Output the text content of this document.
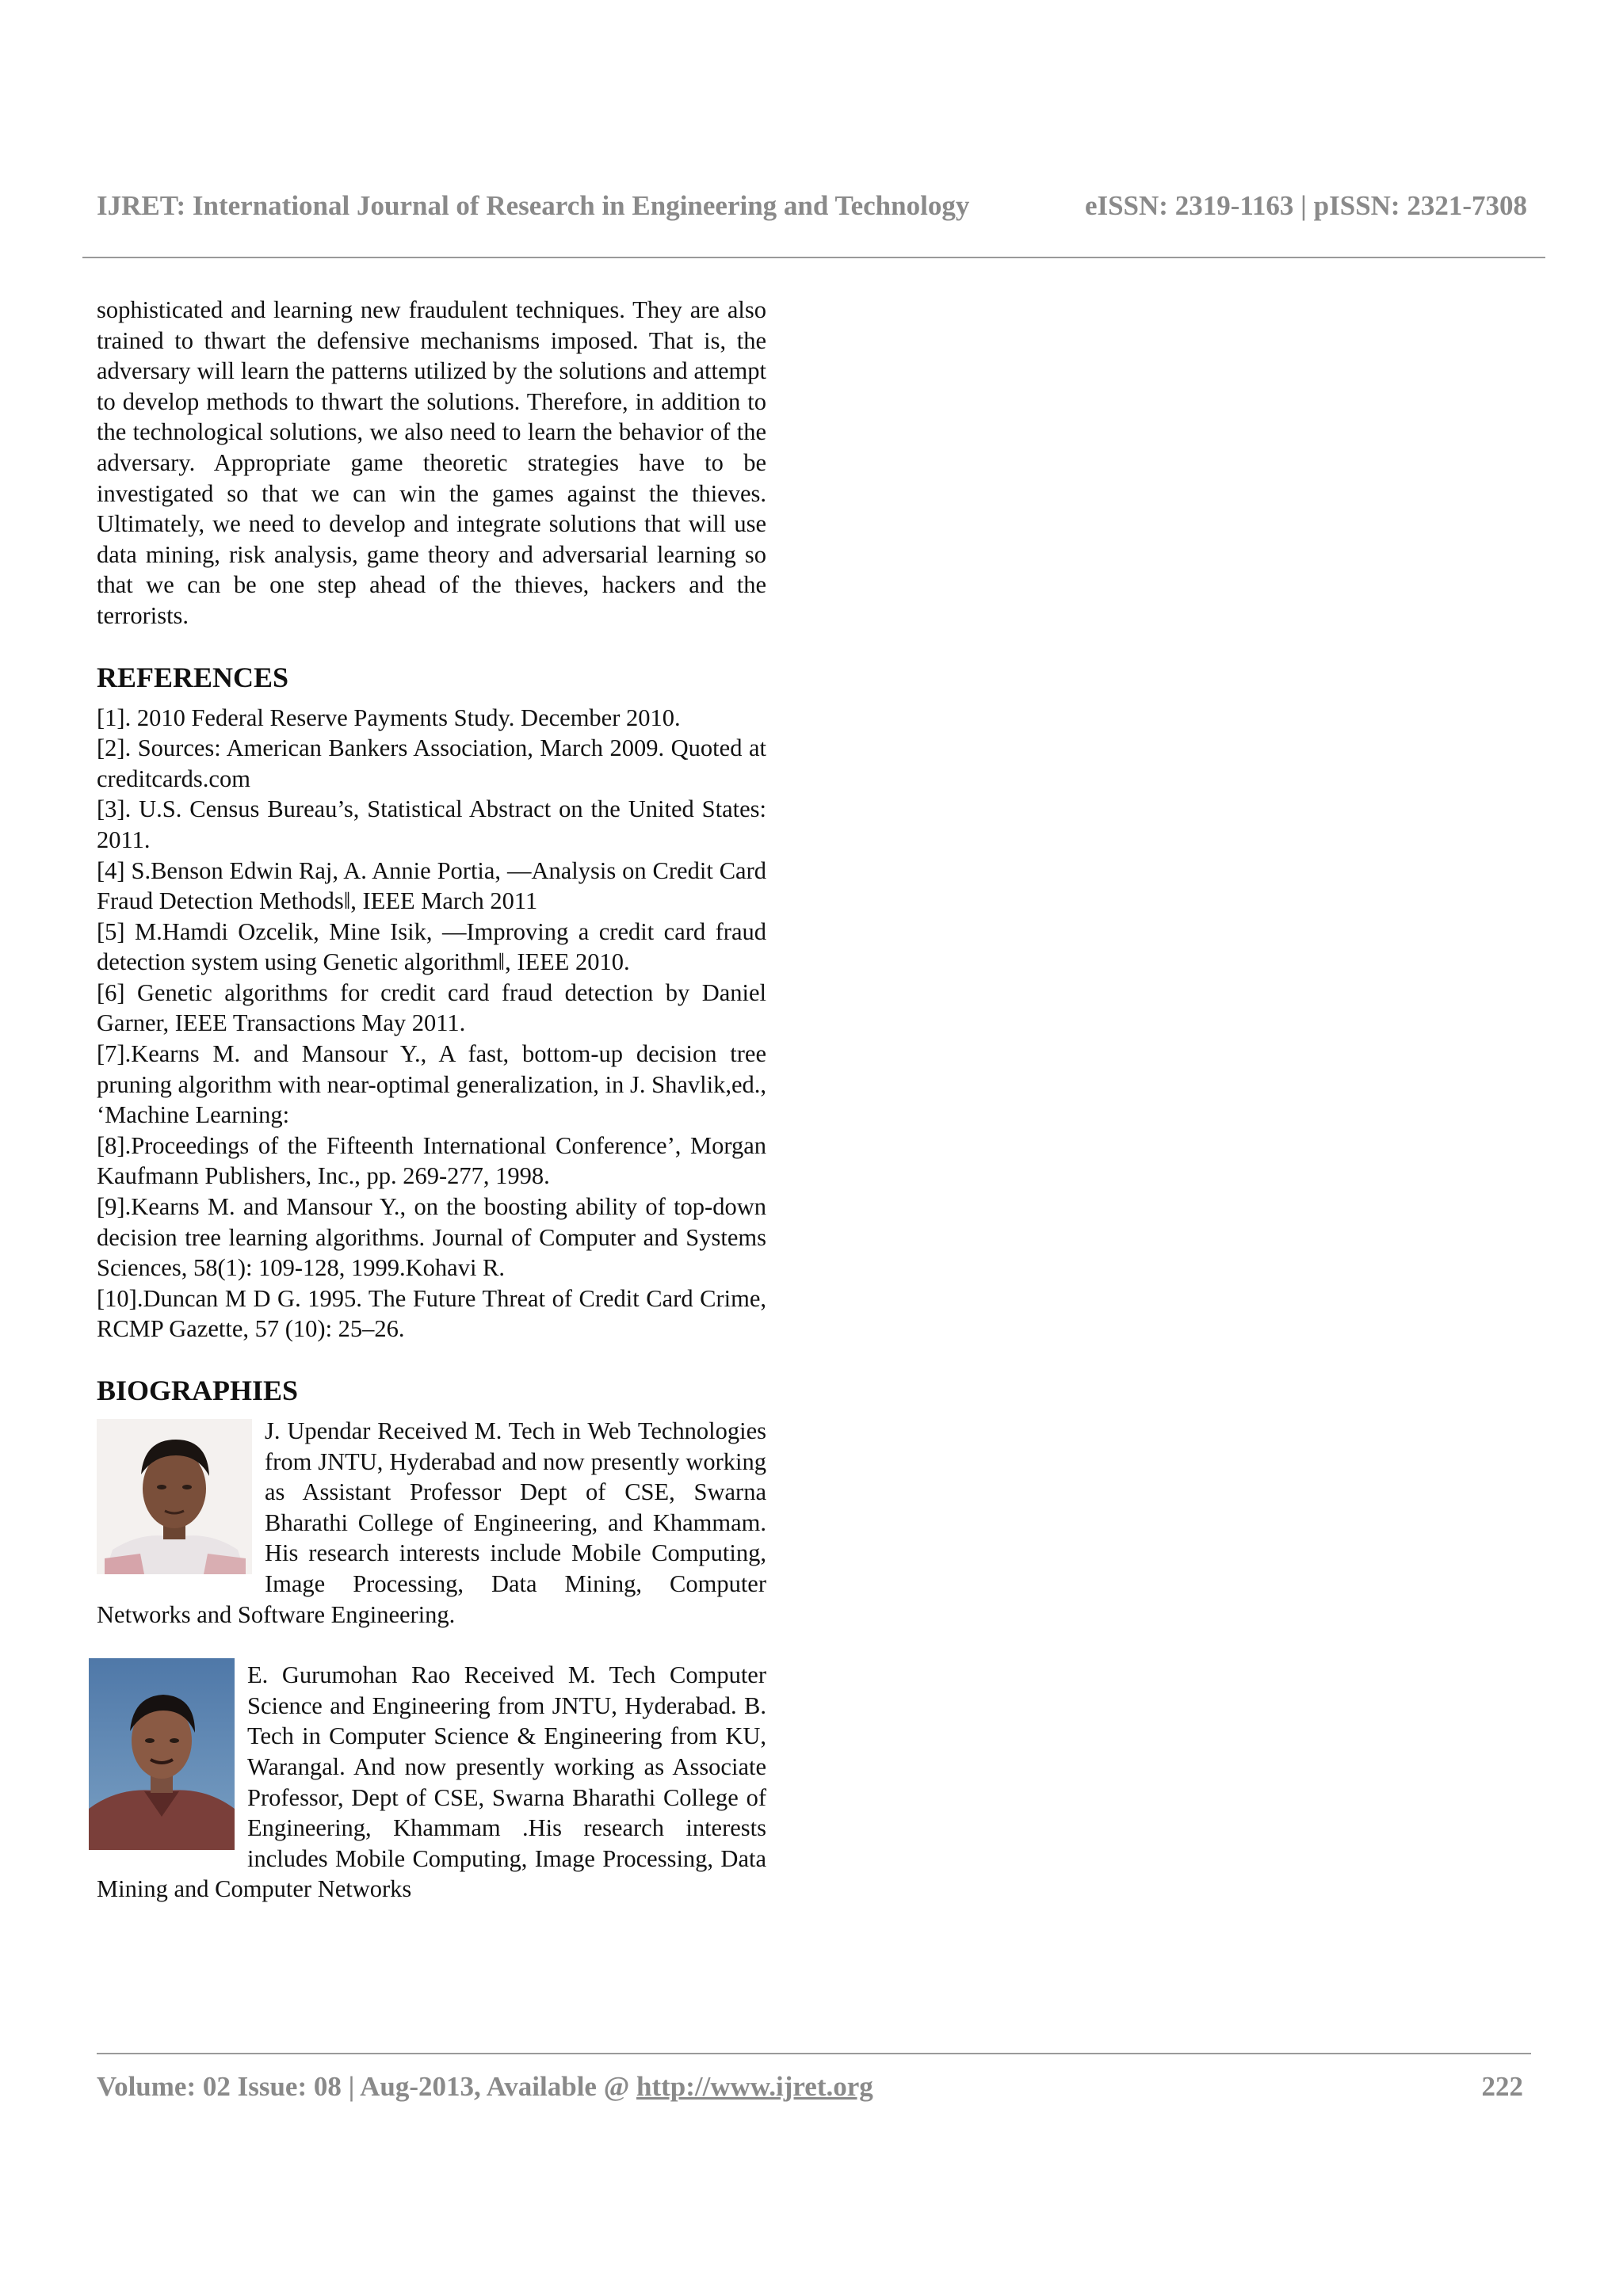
IJRET: International Journal of Research in Engineering and Technology	eISSN: 2319-1163 | pISSN: 2321-7308

sophisticated and learning new fraudulent techniques. They are also trained to thwart the defensive mechanisms imposed. That is, the adversary will learn the patterns utilized by the solutions and attempt to develop methods to thwart the solutions. Therefore, in addition to the technological solutions, we also need to learn the behavior of the adversary. Appropriate game theoretic strategies have to be investigated so that we can win the games against the thieves. Ultimately, we need to develop and integrate solutions that will use data mining, risk analysis, game theory and adversarial learning so that we can be one step ahead of the thieves, hackers and the terrorists.

REFERENCES

[1]. 2010 Federal Reserve Payments Study. December 2010.

[2]. Sources: American Bankers Association, March 2009. Quoted at creditcards.com

[3]. U.S. Census Bureau’s, Statistical Abstract on the United States: 2011.

[4] S.Benson Edwin Raj, A. Annie Portia, ―Analysis on Credit Card Fraud Detection Methods‖, IEEE March 2011

[5] M.Hamdi Ozcelik, Mine Isik, ―Improving a credit card fraud detection system using Genetic algorithm‖, IEEE 2010.

[6] Genetic algorithms for credit card fraud detection by Daniel Garner, IEEE Transactions May 2011.

[7].Kearns M. and Mansour Y., A fast, bottom-up decision tree pruning algorithm with near-optimal generalization, in J. Shavlik,ed., ‘Machine Learning:

[8].Proceedings of the Fifteenth International Conference’, Morgan Kaufmann Publishers, Inc., pp. 269-277, 1998.

[9].Kearns M. and Mansour Y., on the boosting ability of top-down decision tree learning algorithms. Journal of Computer and Systems Sciences, 58(1): 109-128, 1999.Kohavi R.

[10].Duncan M D G. 1995. The Future Threat of Credit Card Crime, RCMP Gazette, 57 (10): 25–26.

BIOGRAPHIES

J. Upendar Received M. Tech in Web Technologies from JNTU, Hyderabad and now presently working as Assistant Professor Dept of CSE, Swarna Bharathi College of Engineering, and Khammam. His research interests include Mobile Computing, Image Processing, Data Mining, Computer Networks and Software Engineering.

E. Gurumohan Rao Received M. Tech Computer Science and Engineering from JNTU, Hyderabad. B. Tech in Computer Science & Engineering from KU, Warangal. And now presently working as Associate Professor, Dept of CSE, Swarna Bharathi College of Engineering, Khammam .His research interests includes Mobile Computing, Image Processing, Data Mining and Computer Networks

Volume: 02 Issue: 08 | Aug-2013, Available @ http://www.ijret.org	222
